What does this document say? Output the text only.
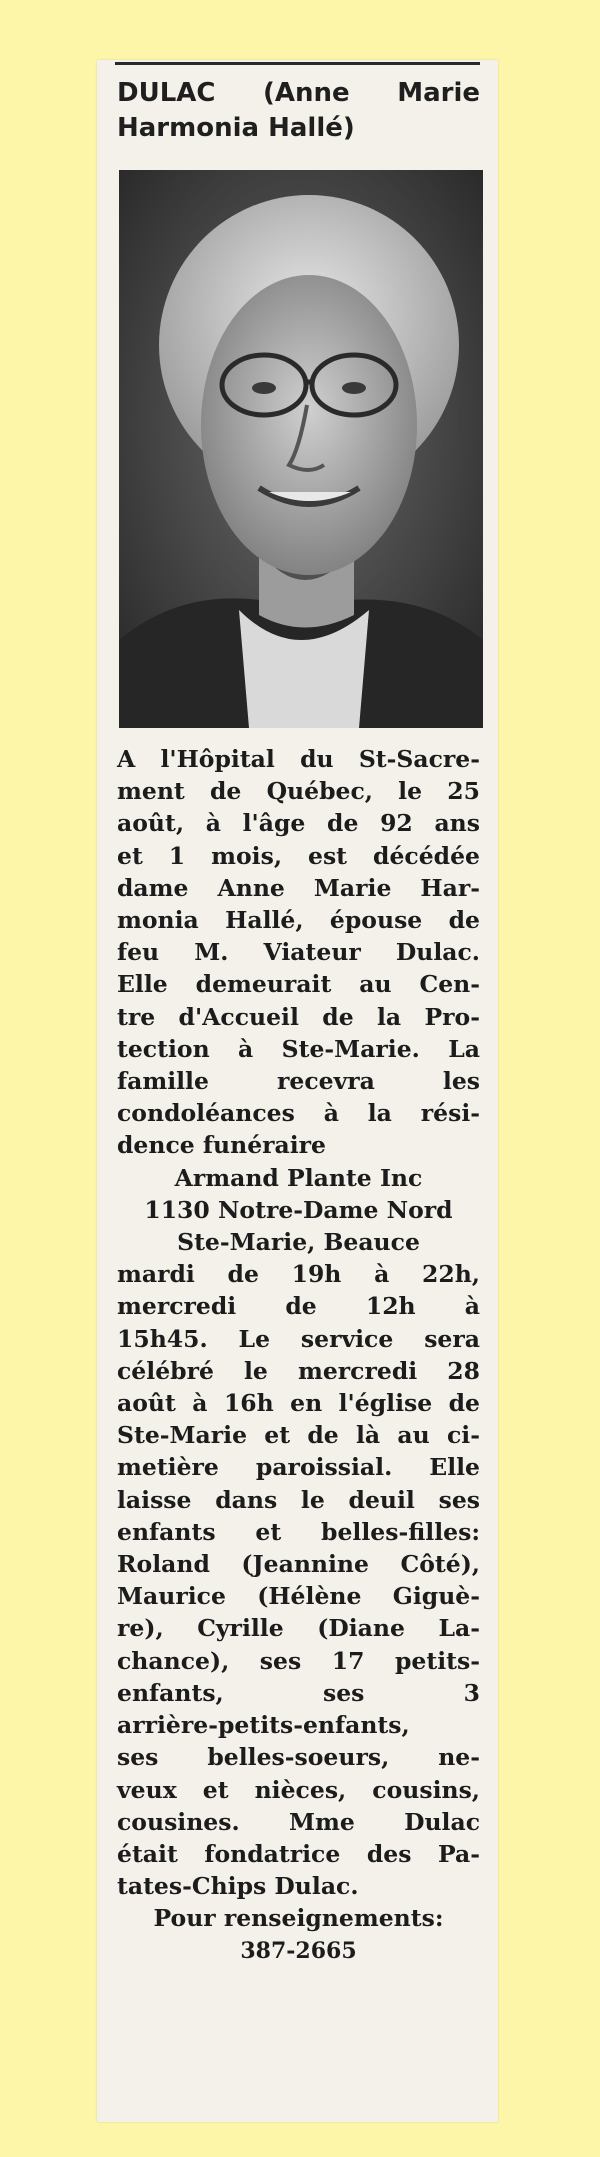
DULAC (Anne Marie
Harmonia Hallé)
A l'Hôpital du St-Sacre-
ment de Québec, le 25
août, à l'âge de 92 ans
et 1 mois, est décédée
dame Anne Marie Har-
monia Hallé, épouse de
feu M. Viateur Dulac.
Elle demeurait au Cen-
tre d'Accueil de la Pro-
tection à Ste-Marie. La
famille recevra les
condoléances à la rési-
dence funéraire
Armand Plante Inc
1130 Notre-Dame Nord
Ste-Marie, Beauce
mardi de 19h à 22h,
mercredi de 12h à
15h45. Le service sera
célébré le mercredi 28
août à 16h en l'église de
Ste-Marie et de là au ci-
metière paroissial. Elle
laisse dans le deuil ses
enfants et belles-filles:
Roland (Jeannine Côté),
Maurice (Hélène Giguè-
re), Cyrille (Diane La-
chance), ses 17 petits-
enfants, ses 3
arrière-petits-enfants,
ses belles-soeurs, ne-
veux et nièces, cousins,
cousines. Mme Dulac
était fondatrice des Pa-
tates-Chips Dulac.
Pour renseignements:
387-2665
